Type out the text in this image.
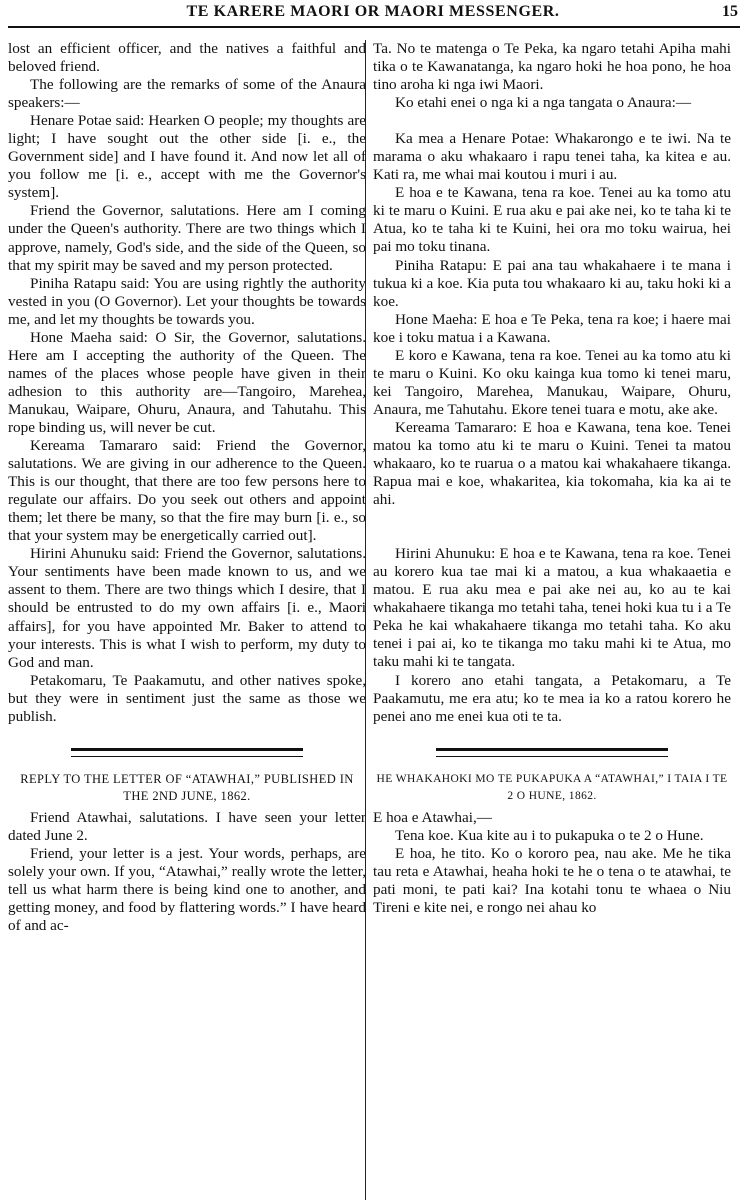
TE KARERE MAORI OR MAORI MESSENGER.	15

lost an efficient officer, and the natives a faithful and beloved friend.

The following are the remarks of some of the Anaura speakers:—

Henare Potae said: Hearken O people; my thoughts are light; I have sought out the other side [i. e., the Government side] and I have found it. And now let all of you follow me [i. e., accept with me the Governor's system].

Friend the Governor, salutations. Here am I coming under the Queen's authority. There are two things which I approve, namely, God's side, and the side of the Queen, so that my spirit may be saved and my person protected.

Piniha Ratapu said: You are using rightly the authority vested in you (O Governor). Let your thoughts be towards me, and let my thoughts be towards you.

Hone Maeha said: O Sir, the Governor, salutations. Here am I accepting the authority of the Queen. The names of the places whose people have given in their adhesion to this authority are—Tangoiro, Marehea, Manukau, Waipare, Ohuru, Anaura, and Tahutahu. This rope binding us, will never be cut.

Kereama Tamararo said: Friend the Governor, salutations. We are giving in our adherence to the Queen. This is our thought, that there are too few persons here to regulate our affairs. Do you seek out others and appoint them; let there be many, so that the fire may burn [i. e., so that your system may be energetically carried out].

Hirini Ahunuku said: Friend the Governor, salutations. Your sentiments have been made known to us, and we assent to them. There are two things which I desire, that I should be entrusted to do my own affairs [i. e., Maori affairs], for you have appointed Mr. Baker to attend to your interests. This is what I wish to perform, my duty to God and man.

Petakomaru, Te Paakamutu, and other natives spoke, but they were in sentiment just the same as those we publish.

REPLY TO THE LETTER OF “ATAWHAI,” PUBLISHED IN THE 2ND JUNE, 1862.

Friend Atawhai, salutations. I have seen your letter dated June 2.

Friend, your letter is a jest. Your words, perhaps, are solely your own. If you, “Atawhai,” really wrote the letter, tell us what harm there is being kind one to another, and getting money, and food by flattering words.” I have heard of and ac-

Ta. No te matenga o Te Peka, ka ngaro tetahi Apiha mahi tika o te Kawanatanga, ka ngaro hoki he hoa pono, he hoa tino aroha ki nga iwi Maori.

Ko etahi enei o nga ki a nga tangata o Anaura:—

Ka mea a Henare Potae: Whakarongo e te iwi. Na te marama o aku whakaaro i rapu tenei taha, ka kitea e au. Kati ra, me whai mai koutou i muri i au.

E hoa e te Kawana, tena ra koe. Tenei au ka tomo atu ki te maru o Kuini. E rua aku e pai ake nei, ko te taha ki te Atua, ko te taha ki te Kuini, hei ora mo toku wairua, hei pai mo toku tinana.

Piniha Ratapu: E pai ana tau whakahaere i te mana i tukua ki a koe. Kia puta tou whakaaro ki au, taku hoki ki a koe.

Hone Maeha: E hoa e Te Peka, tena ra koe; i haere mai koe i toku matua i a Kawana.

E koro e Kawana, tena ra koe. Tenei au ka tomo atu ki te maru o Kuini. Ko oku kainga kua tomo ki tenei maru, kei Tangoiro, Marehea, Manukau, Waipare, Ohuru, Anaura, me Tahutahu. Ekore tenei tuara e motu, ake ake.

Kereama Tamararo: E hoa e Kawana, tena koe. Tenei matou ka tomo atu ki te maru o Kuini. Tenei ta matou whakaaro, ko te ruarua o a matou kai whakahaere tikanga. Rapua mai e koe, whakaritea, kia tokomaha, kia ka ai te ahi.

Hirini Ahunuku: E hoa e te Kawana, tena ra koe. Tenei au korero kua tae mai ki a matou, a kua whakaaetia e matou. E rua aku mea e pai ake nei au, ko au te kai whakahaere tikanga mo tetahi taha, tenei hoki kua tu i a Te Peka he kai whakahaere tikanga mo tetahi taha. Ko aku tenei i pai ai, ko te tikanga mo taku mahi ki te Atua, mo taku mahi ki te tangata.

I korero ano etahi tangata, a Petakomaru, a Te Paakamutu, me era atu; ko te mea ia ko a ratou korero he penei ano me enei kua oti te ta.

HE WHAKAHOKI MO TE PUKAPUKA A “ATAWHAI,” I TAIA I TE 2 O HUNE, 1862.

E hoa e Atawhai,—

Tena koe. Kua kite au i to pukapuka o te 2 o Hune.

E hoa, he tito. Ko o kororo pea, nau ake. Me he tika tau reta e Atawhai, heaha hoki te he o tena o te atawhai, te pati moni, te pati kai? Ina kotahi tonu te whaea o Niu Tireni e kite nei, e rongo nei ahau ko
